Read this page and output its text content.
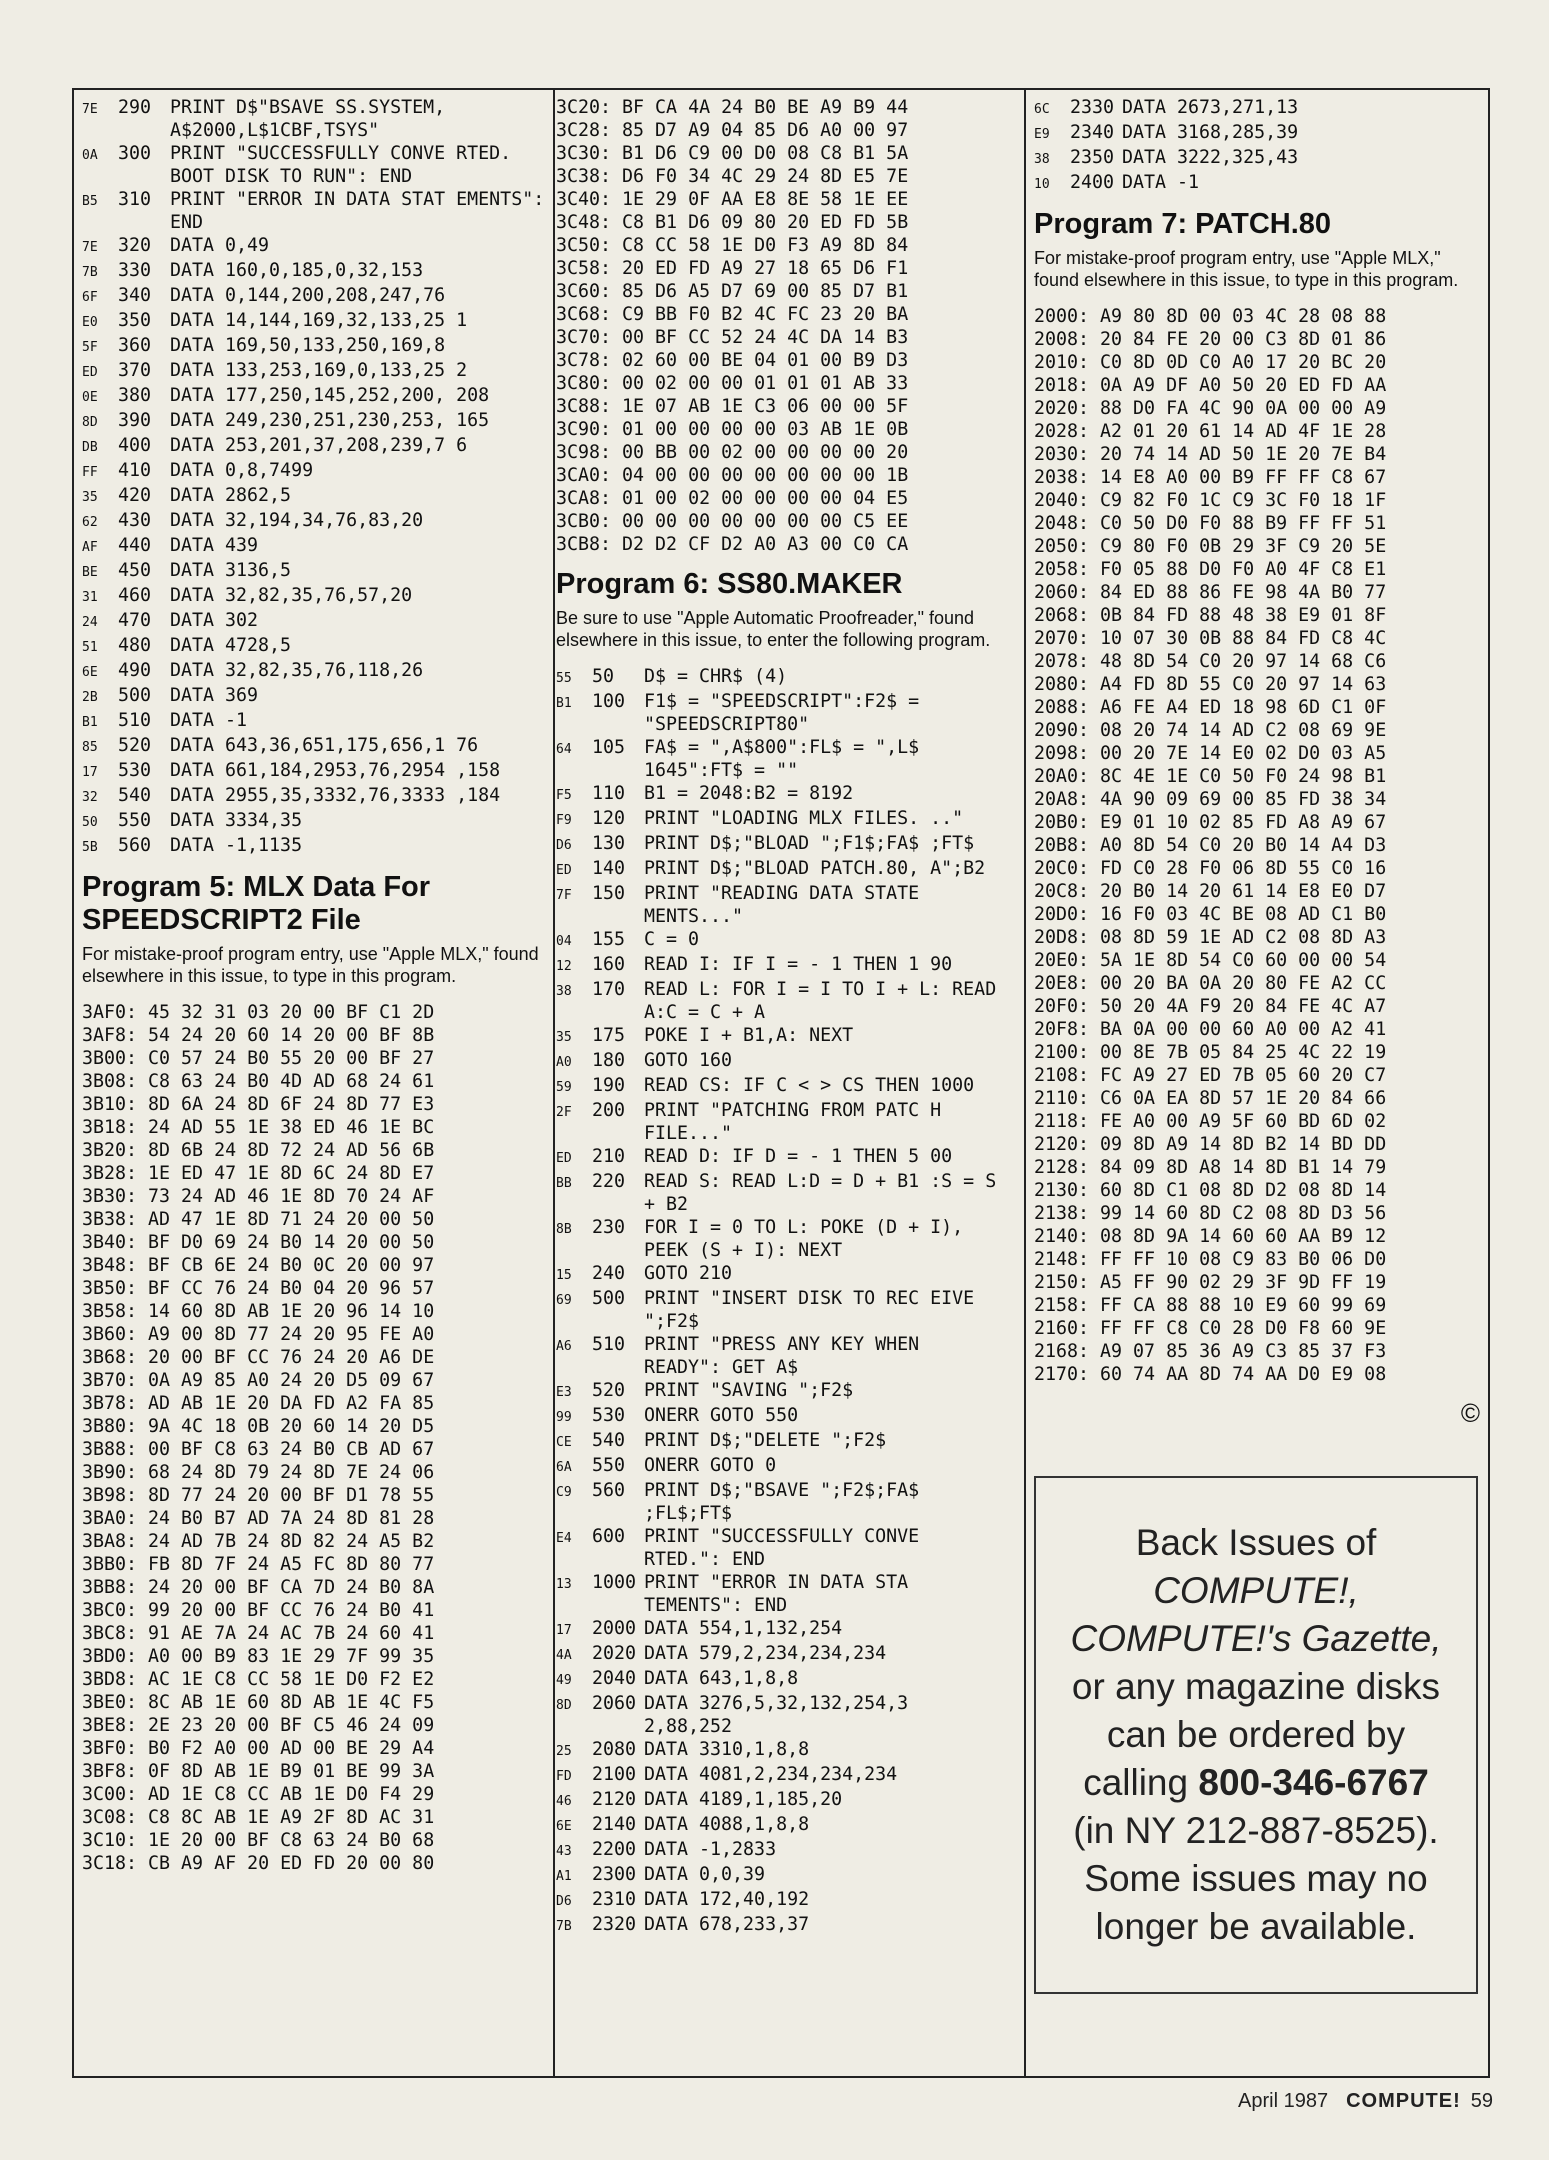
7E	290	PRINT D$"BSAVE SS.SYSTEM, A$2000,L$1CBF,TSYS"
0A	300	PRINT "SUCCESSFULLY CONVE RTED. BOOT DISK TO RUN": END
B5	310	PRINT "ERROR IN DATA STAT EMENTS": END
7E	320	DATA 0,49
7B	330	DATA 160,0,185,0,32,153
6F	340	DATA 0,144,200,208,247,76
E0	350	DATA 14,144,169,32,133,25 1
5F	360	DATA 169,50,133,250,169,8
ED	370	DATA 133,253,169,0,133,25 2
0E	380	DATA 177,250,145,252,200, 208
8D	390	DATA 249,230,251,230,253, 165
DB	400	DATA 253,201,37,208,239,7 6
FF	410	DATA 0,8,7499
35	420	DATA 2862,5
62	430	DATA 32,194,34,76,83,20
AF	440	DATA 439
BE	450	DATA 3136,5
31	460	DATA 32,82,35,76,57,20
24	470	DATA 302
51	480	DATA 4728,5
6E	490	DATA 32,82,35,76,118,26
2B	500	DATA 369
B1	510	DATA -1
85	520	DATA 643,36,651,175,656,1 76
17	530	DATA 661,184,2953,76,2954 ,158
32	540	DATA 2955,35,3332,76,3333 ,184
50	550	DATA 3334,35
5B	560	DATA -1,1135
Program 5: MLX Data For SPEEDSCRIPT2 File

For mistake-proof program entry, use "Apple MLX," found elsewhere in this issue, to type in this program.

3AF0: 45 32 31 03 20 00 BF C1 2D
3AF8: 54 24 20 60 14 20 00 BF 8B
3B00: C0 57 24 B0 55 20 00 BF 27
3B08: C8 63 24 B0 4D AD 68 24 61
3B10: 8D 6A 24 8D 6F 24 8D 77 E3
3B18: 24 AD 55 1E 38 ED 46 1E BC
3B20: 8D 6B 24 8D 72 24 AD 56 6B
3B28: 1E ED 47 1E 8D 6C 24 8D E7
3B30: 73 24 AD 46 1E 8D 70 24 AF
3B38: AD 47 1E 8D 71 24 20 00 50
3B40: BF D0 69 24 B0 14 20 00 50
3B48: BF CB 6E 24 B0 0C 20 00 97
3B50: BF CC 76 24 B0 04 20 96 57
3B58: 14 60 8D AB 1E 20 96 14 10
3B60: A9 00 8D 77 24 20 95 FE A0
3B68: 20 00 BF CC 76 24 20 A6 DE
3B70: 0A A9 85 A0 24 20 D5 09 67
3B78: AD AB 1E 20 DA FD A2 FA 85
3B80: 9A 4C 18 0B 20 60 14 20 D5
3B88: 00 BF C8 63 24 B0 CB AD 67
3B90: 68 24 8D 79 24 8D 7E 24 06
3B98: 8D 77 24 20 00 BF D1 78 55
3BA0: 24 B0 B7 AD 7A 24 8D 81 28
3BA8: 24 AD 7B 24 8D 82 24 A5 B2
3BB0: FB 8D 7F 24 A5 FC 8D 80 77
3BB8: 24 20 00 BF CA 7D 24 B0 8A
3BC0: 99 20 00 BF CC 76 24 B0 41
3BC8: 91 AE 7A 24 AC 7B 24 60 41
3BD0: A0 00 B9 83 1E 29 7F 99 35
3BD8: AC 1E C8 CC 58 1E D0 F2 E2
3BE0: 8C AB 1E 60 8D AB 1E 4C F5
3BE8: 2E 23 20 00 BF C5 46 24 09
3BF0: B0 F2 A0 00 AD 00 BE 29 A4
3BF8: 0F 8D AB 1E B9 01 BE 99 3A
3C00: AD 1E C8 CC AB 1E D0 F4 29
3C08: C8 8C AB 1E A9 2F 8D AC 31
3C10: 1E 20 00 BF C8 63 24 B0 68
3C18: CB A9 AF 20 ED FD 20 00 80
3C20: BF CA 4A 24 B0 BE A9 B9 44
3C28: 85 D7 A9 04 85 D6 A0 00 97
3C30: B1 D6 C9 00 D0 08 C8 B1 5A
3C38: D6 F0 34 4C 29 24 8D E5 7E
3C40: 1E 29 0F AA E8 8E 58 1E EE
3C48: C8 B1 D6 09 80 20 ED FD 5B
3C50: C8 CC 58 1E D0 F3 A9 8D 84
3C58: 20 ED FD A9 27 18 65 D6 F1
3C60: 85 D6 A5 D7 69 00 85 D7 B1
3C68: C9 BB F0 B2 4C FC 23 20 BA
3C70: 00 BF CC 52 24 4C DA 14 B3
3C78: 02 60 00 BE 04 01 00 B9 D3
3C80: 00 02 00 00 01 01 01 AB 33
3C88: 1E 07 AB 1E C3 06 00 00 5F
3C90: 01 00 00 00 00 03 AB 1E 0B
3C98: 00 BB 00 02 00 00 00 00 20
3CA0: 04 00 00 00 00 00 00 00 1B
3CA8: 01 00 02 00 00 00 00 04 E5
3CB0: 00 00 00 00 00 00 00 C5 EE
3CB8: D2 D2 CF D2 A0 A3 00 C0 CA
Program 6: SS80.MAKER

Be sure to use "Apple Automatic Proofreader," found elsewhere in this issue, to enter the following program.

55	50	D$ = CHR$ (4)
B1	100	F1$ = "SPEEDSCRIPT":F2$ = "SPEEDSCRIPT80"
64	105	FA$ = ",A$800":FL$ = ",L$ 1645":FT$ = ""
F5	110	B1 = 2048:B2 = 8192
F9	120	PRINT "LOADING MLX FILES. .."
D6	130	PRINT D$;"BLOAD ";F1$;FA$ ;FT$
ED	140	PRINT D$;"BLOAD PATCH.80, A";B2
7F	150	PRINT "READING DATA STATE MENTS..."
04	155	C = 0
12	160	READ I: IF I = - 1 THEN 1 90
38	170	READ L: FOR I = I TO I + L: READ A:C = C + A
35	175	POKE I + B1,A: NEXT
A0	180	GOTO 160
59	190	READ CS: IF C < > CS THEN 1000
2F	200	PRINT "PATCHING FROM PATC H FILE..."
ED	210	READ D: IF D = - 1 THEN 5 00
BB	220	READ S: READ L:D = D + B1 :S = S + B2
8B	230	FOR I = 0 TO L: POKE (D + I), PEEK (S + I): NEXT
15	240	GOTO 210
69	500	PRINT "INSERT DISK TO REC EIVE ";F2$
A6	510	PRINT "PRESS ANY KEY WHEN READY": GET A$
E3	520	PRINT "SAVING ";F2$
99	530	ONERR GOTO 550
CE	540	PRINT D$;"DELETE ";F2$
6A	550	ONERR GOTO 0
C9	560	PRINT D$;"BSAVE ";F2$;FA$ ;FL$;FT$
E4	600	PRINT "SUCCESSFULLY CONVE RTED.": END
13	1000 PRINT "ERROR IN DATA STA TEMENTS": END
17	2000 DATA 554,1,132,254
4A	2020 DATA 579,2,234,234,234
49	2040 DATA 643,1,8,8
8D	2060 DATA 3276,5,32,132,254,3 2,88,252
25	2080 DATA 3310,1,8,8
FD	2100 DATA 4081,2,234,234,234
46	2120 DATA 4189,1,185,20
6E	2140 DATA 4088,1,8,8
43	2200 DATA -1,2833
A1	2300 DATA 0,0,39
D6	2310 DATA 172,40,192
7B	2320 DATA 678,233,37
6C	2330 DATA 2673,271,13
E9	2340 DATA 3168,285,39
38	2350 DATA 3222,325,43
10	2400 DATA -1
Program 7: PATCH.80

For mistake-proof program entry, use "Apple MLX," found elsewhere in this issue, to type in this program.

2000: A9 80 8D 00 03 4C 28 08 88
2008: 20 84 FE 20 00 C3 8D 01 86
2010: C0 8D 0D C0 A0 17 20 BC 20
2018: 0A A9 DF A0 50 20 ED FD AA
2020: 88 D0 FA 4C 90 0A 00 00 A9
2028: A2 01 20 61 14 AD 4F 1E 28
2030: 20 74 14 AD 50 1E 20 7E B4
2038: 14 E8 A0 00 B9 FF FF C8 67
2040: C9 82 F0 1C C9 3C F0 18 1F
2048: C0 50 D0 F0 88 B9 FF FF 51
2050: C9 80 F0 0B 29 3F C9 20 5E
2058: F0 05 88 D0 F0 A0 4F C8 E1
2060: 84 ED 88 86 FE 98 4A B0 77
2068: 0B 84 FD 88 48 38 E9 01 8F
2070: 10 07 30 0B 88 84 FD C8 4C
2078: 48 8D 54 C0 20 97 14 68 C6
2080: A4 FD 8D 55 C0 20 97 14 63
2088: A6 FE A4 ED 18 98 6D C1 0F
2090: 08 20 74 14 AD C2 08 69 9E
2098: 00 20 7E 14 E0 02 D0 03 A5
20A0: 8C 4E 1E C0 50 F0 24 98 B1
20A8: 4A 90 09 69 00 85 FD 38 34
20B0: E9 01 10 02 85 FD A8 A9 67
20B8: A0 8D 54 C0 20 B0 14 A4 D3
20C0: FD C0 28 F0 06 8D 55 C0 16
20C8: 20 B0 14 20 61 14 E8 E0 D7
20D0: 16 F0 03 4C BE 08 AD C1 B0
20D8: 08 8D 59 1E AD C2 08 8D A3
20E0: 5A 1E 8D 54 C0 60 00 00 54
20E8: 00 20 BA 0A 20 80 FE A2 CC
20F0: 50 20 4A F9 20 84 FE 4C A7
20F8: BA 0A 00 00 60 A0 00 A2 41
2100: 00 8E 7B 05 84 25 4C 22 19
2108: FC A9 27 ED 7B 05 60 20 C7
2110: C6 0A EA 8D 57 1E 20 84 66
2118: FE A0 00 A9 5F 60 BD 6D 02
2120: 09 8D A9 14 8D B2 14 BD DD
2128: 84 09 8D A8 14 8D B1 14 79
2130: 60 8D C1 08 8D D2 08 8D 14
2138: 99 14 60 8D C2 08 8D D3 56
2140: 08 8D 9A 14 60 60 AA B9 12
2148: FF FF 10 08 C9 83 B0 06 D0
2150: A5 FF 90 02 29 3F 9D FF 19
2158: FF CA 88 88 10 E9 60 99 69
2160: FF FF C8 C0 28 D0 F8 60 9E
2168: A9 07 85 36 A9 C3 85 37 F3
2170: 60 74 AA 8D 74 AA D0 E9 08
©
Back Issues of
COMPUTE!,
COMPUTE!'s Gazette,
or any magazine disks
can be ordered by
calling 800-346-6767
(in NY 212-887-8525).
Some issues may no
longer be available.
April 1987 COMPUTE! 59
